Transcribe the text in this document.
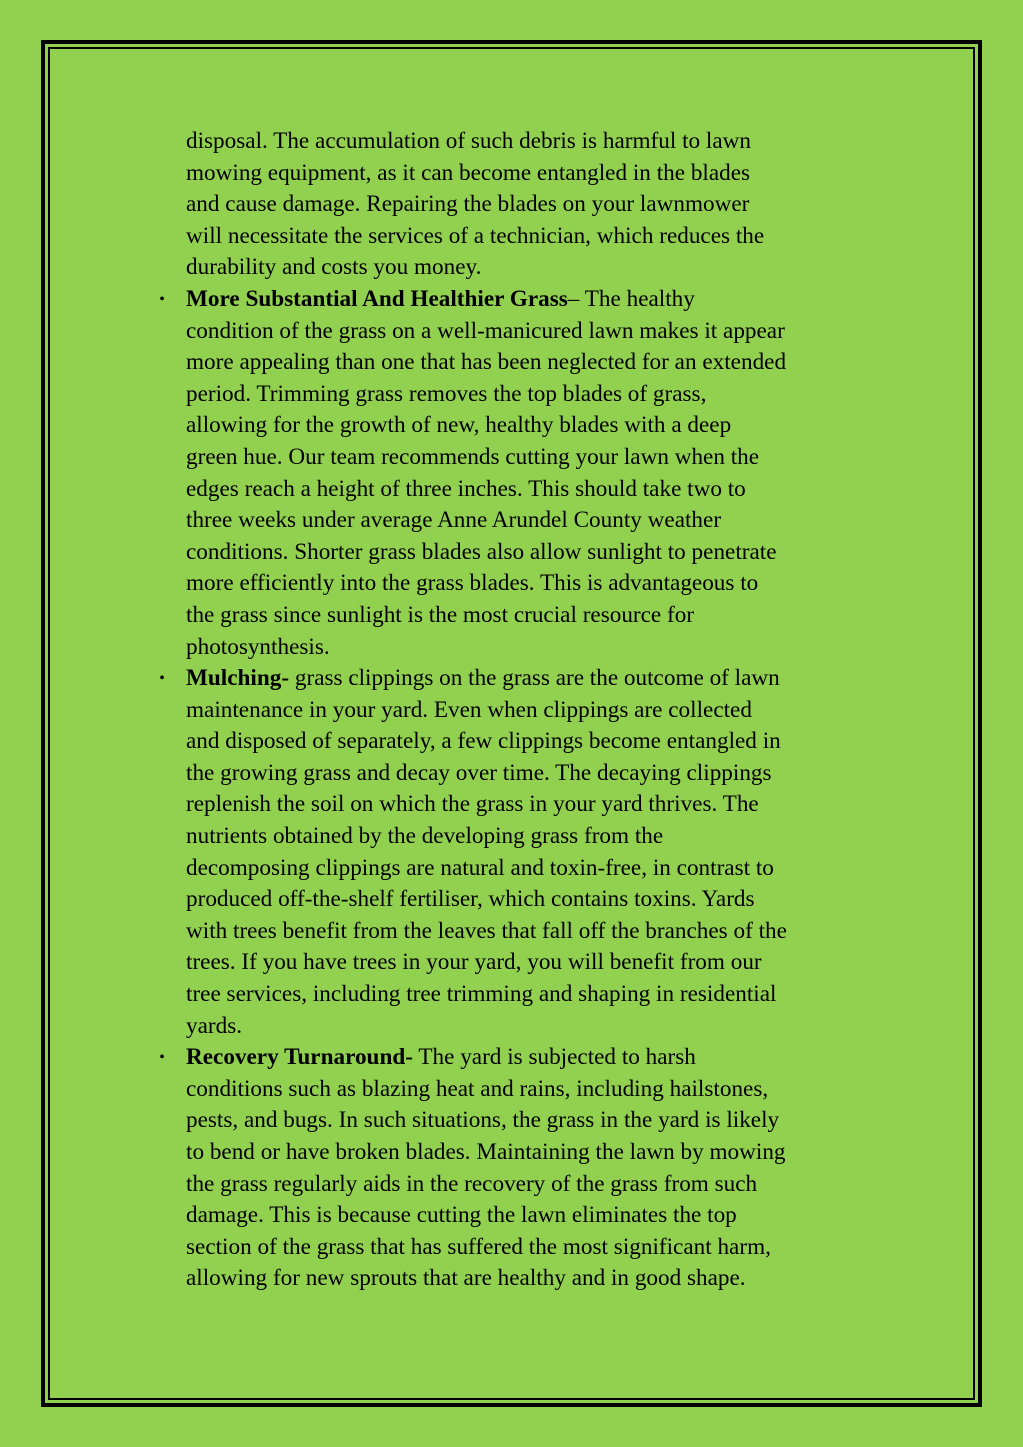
disposal. The accumulation of such debris is harmful to lawn
mowing equipment, as it can become entangled in the blades
and cause damage. Repairing the blades on your lawnmower
will necessitate the services of a technician, which reduces the
durability and costs you money.
• More Substantial And Healthier Grass– The healthy
condition of the grass on a well-manicured lawn makes it appear
more appealing than one that has been neglected for an extended
period. Trimming grass removes the top blades of grass,
allowing for the growth of new, healthy blades with a deep
green hue. Our team recommends cutting your lawn when the
edges reach a height of three inches. This should take two to
three weeks under average Anne Arundel County weather
conditions. Shorter grass blades also allow sunlight to penetrate
more efficiently into the grass blades. This is advantageous to
the grass since sunlight is the most crucial resource for
photosynthesis.
• Mulching- grass clippings on the grass are the outcome of lawn
maintenance in your yard. Even when clippings are collected
and disposed of separately, a few clippings become entangled in
the growing grass and decay over time. The decaying clippings
replenish the soil on which the grass in your yard thrives. The
nutrients obtained by the developing grass from the
decomposing clippings are natural and toxin-free, in contrast to
produced off-the-shelf fertiliser, which contains toxins. Yards
with trees benefit from the leaves that fall off the branches of the
trees. If you have trees in your yard, you will benefit from our
tree services, including tree trimming and shaping in residential
yards.
• Recovery Turnaround- The yard is subjected to harsh
conditions such as blazing heat and rains, including hailstones,
pests, and bugs. In such situations, the grass in the yard is likely
to bend or have broken blades. Maintaining the lawn by mowing
the grass regularly aids in the recovery of the grass from such
damage. This is because cutting the lawn eliminates the top
section of the grass that has suffered the most significant harm,
allowing for new sprouts that are healthy and in good shape.
